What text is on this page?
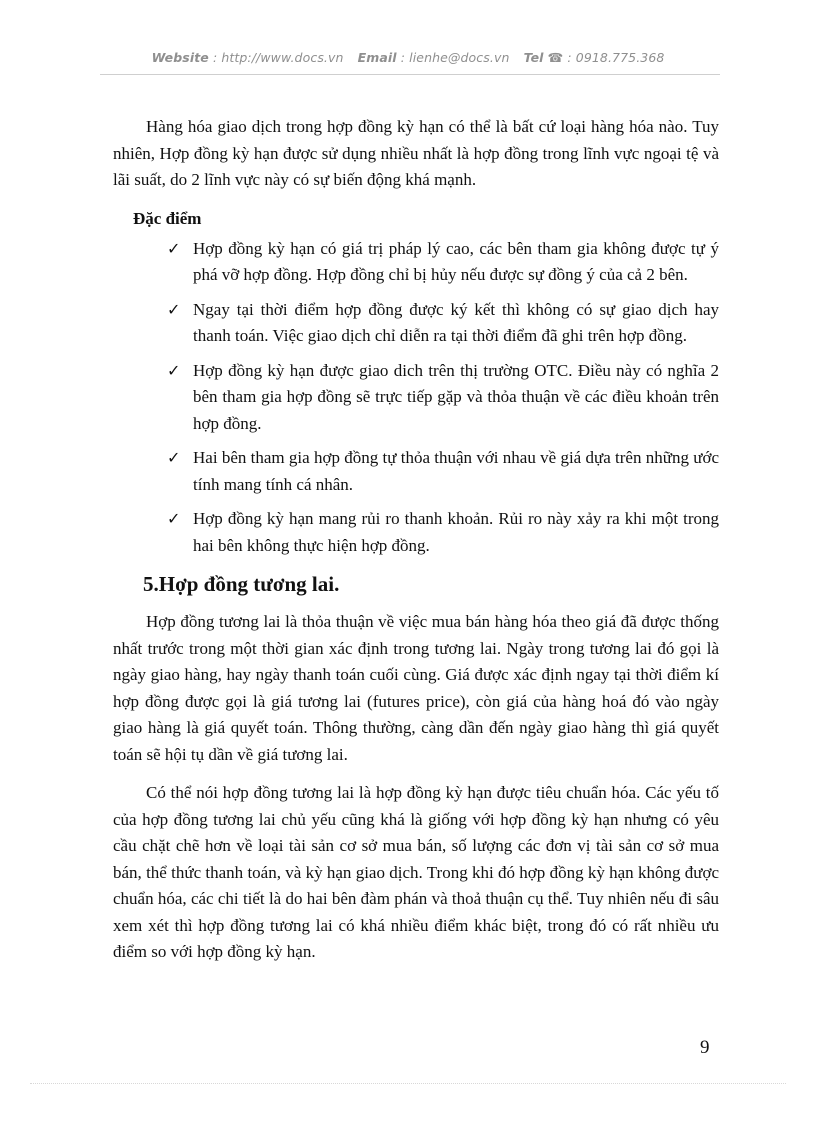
Website : http://www.docs.vn Email : lienhe@docs.vn Tel ☎ : 0918.775.368

Hàng hóa giao dịch trong hợp đồng kỳ hạn có thể là bất cứ loại hàng hóa nào. Tuy nhiên, Hợp đồng kỳ hạn được sử dụng nhiều nhất là hợp đồng trong lĩnh vực ngoại tệ và lãi suất, do 2 lĩnh vực này có sự biến động khá mạnh.

Đặc điểm
✓ Hợp đồng kỳ hạn có giá trị pháp lý cao, các bên tham gia không được tự ý phá vỡ hợp đồng. Hợp đồng chỉ bị hủy nếu được sự đồng ý của cả 2 bên.
✓ Ngay tại thời điểm hợp đồng được ký kết thì không có sự giao dịch hay thanh toán. Việc giao dịch chỉ diễn ra tại thời điểm đã ghi trên hợp đồng.
✓ Hợp đồng kỳ hạn được giao dich trên thị trường OTC. Điều này có nghĩa 2 bên tham gia hợp đồng sẽ trực tiếp gặp và thỏa thuận về các điều khoản trên hợp đồng.
✓ Hai bên tham gia hợp đồng tự thỏa thuận với nhau về giá dựa trên những ước tính mang tính cá nhân.
✓ Hợp đồng kỳ hạn mang rủi ro thanh khoản. Rủi ro này xảy ra khi một trong hai bên không thực hiện hợp đồng.
5.Hợp đồng tương lai.

Hợp đồng tương lai là thỏa thuận về việc mua bán hàng hóa theo giá đã được thống nhất trước trong một thời gian xác định trong tương lai. Ngày trong tương lai đó gọi là ngày giao hàng, hay ngày thanh toán cuối cùng. Giá được xác định ngay tại thời điểm kí hợp đồng được gọi là giá tương lai (futures price), còn giá của hàng hoá đó vào ngày giao hàng là giá quyết toán. Thông thường, càng dần đến ngày giao hàng thì giá quyết toán sẽ hội tụ dần về giá tương lai.

Có thể nói hợp đồng tương lai là hợp đồng kỳ hạn được tiêu chuẩn hóa. Các yếu tố của hợp đồng tương lai chủ yếu cũng khá là giống với hợp đồng kỳ hạn nhưng có yêu cầu chặt chẽ hơn về loại tài sản cơ sở mua bán, số lượng các đơn vị tài sản cơ sở mua bán, thể thức thanh toán, và kỳ hạn giao dịch. Trong khi đó hợp đồng kỳ hạn không được chuẩn hóa, các chi tiết là do hai bên đàm phán và thoả thuận cụ thể. Tuy nhiên nếu đi sâu xem xét thì hợp đồng tương lai có khá nhiều điểm khác biệt, trong đó có rất nhiều ưu điểm so với hợp đồng kỳ hạn.

9
